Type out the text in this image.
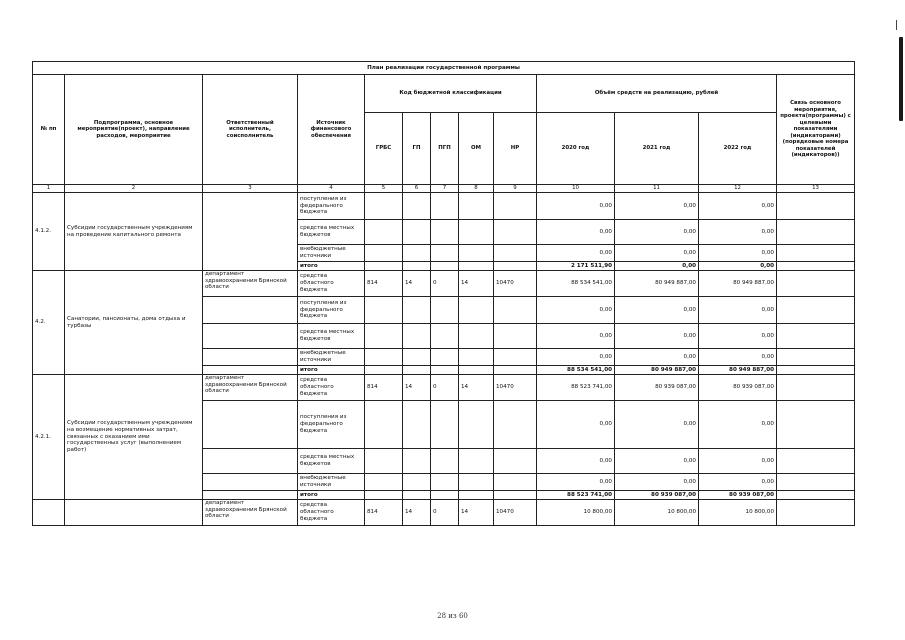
План реализации государственной программы												
№ пп	Подпрограмма, основное мероприятие(проект), направление расходов, мероприятие	Ответственный исполнитель, соисполнитель	Источник финансового обеспечения	Код бюджетной классификации					Объём средств на реализацию, рублей			Связь основного мероприятия, проекта(программы) с целевыми показателями (индикаторами) (порядковые номера показателей (индикаторов))
				ГРБС	ГП	ПГП	ОМ	НР	2020 год	2021 год	2022 год	
1	2	3	4	5	6	7	8	9	10	11	12	13
4.1.2.	Субсидии государственным учреждениям на проведение капитального ремонта		поступления из федерального бюджета						0,00	0,00	0,00	
			средства местных бюджетов						0,00	0,00	0,00	
			внебюджетные источники						0,00	0,00	0,00	
			итого						2 171 511,90	0,00	0,00	
4.2.	Санатории, пансионаты, дома отдыха и турбазы	департамент здравоохранения Брянской области	средства областного бюджета	814	14	0	14	10470	88 534 541,00	80 949 887,00	80 949 887,00	
			поступления из федерального бюджета						0,00	0,00	0,00	
			средства местных бюджетов						0,00	0,00	0,00	
			внебюджетные источники						0,00	0,00	0,00	
			итого						88 534 541,00	80 949 887,00	80 949 887,00	
4.2.1.	Субсидии государственным учреждениям на возмещение нормативных затрат, связанных с оказанием ими государственных услуг (выполнением работ)	департамент здравоохранения Брянской области	средства областного бюджета	814	14	0	14	10470	88 523 741,00	80 939 087,00	80 939 087,00	
			поступления из федерального бюджета						0,00	0,00	0,00	
			средства местных бюджетов						0,00	0,00	0,00	
			внебюджетные источники						0,00	0,00	0,00	
			итого						88 523 741,00	80 939 087,00	80 939 087,00	
		департамент здравоохранения Брянской области	средства областного бюджета	814	14	0	14	10470	10 800,00	10 800,00	10 800,00	
28 из 60
